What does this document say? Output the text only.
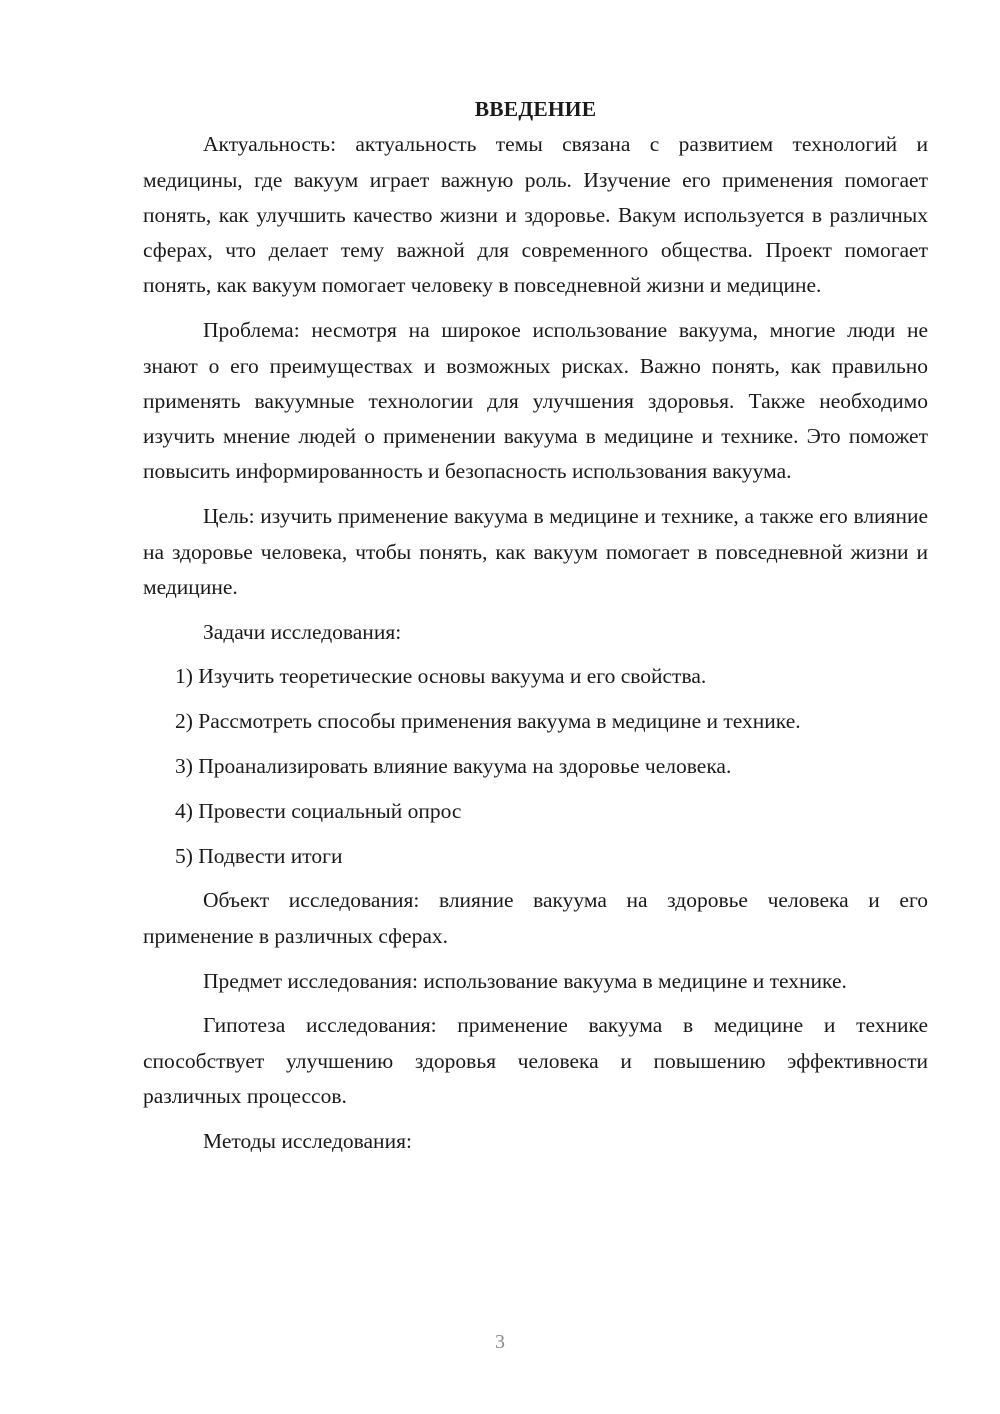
ВВЕДЕНИЕ

Актуальность: актуальность темы связана с развитием технологий и медицины, где вакуум играет важную роль. Изучение его применения помогает понять, как улучшить качество жизни и здоровье. Вакум используется в различных сферах, что делает тему важной для современного общества. Проект помогает понять, как вакуум помогает человеку в повседневной жизни и медицине.

Проблема: несмотря на широкое использование вакуума, многие люди не знают о его преимуществах и возможных рисках. Важно понять, как правильно применять вакуумные технологии для улучшения здоровья. Также необходимо изучить мнение людей о применении вакуума в медицине и технике. Это поможет повысить информированность и безопасность использования вакуума.

Цель: изучить применение вакуума в медицине и технике, а также его влияние на здоровье человека, чтобы понять, как вакуум помогает в повседневной жизни и медицине.

Задачи исследования:

1) Изучить теоретические основы вакуума и его свойства.

2) Рассмотреть способы применения вакуума в медицине и технике.

3) Проанализировать влияние вакуума на здоровье человека.

4) Провести социальный опрос

5) Подвести итоги

Объект исследования: влияние вакуума на здоровье человека и его применение в различных сферах.

Предмет исследования: использование вакуума в медицине и технике.

Гипотеза исследования: применение вакуума в медицине и технике способствует улучшению здоровья человека и повышению эффективности различных процессов.

Методы исследования:

3
